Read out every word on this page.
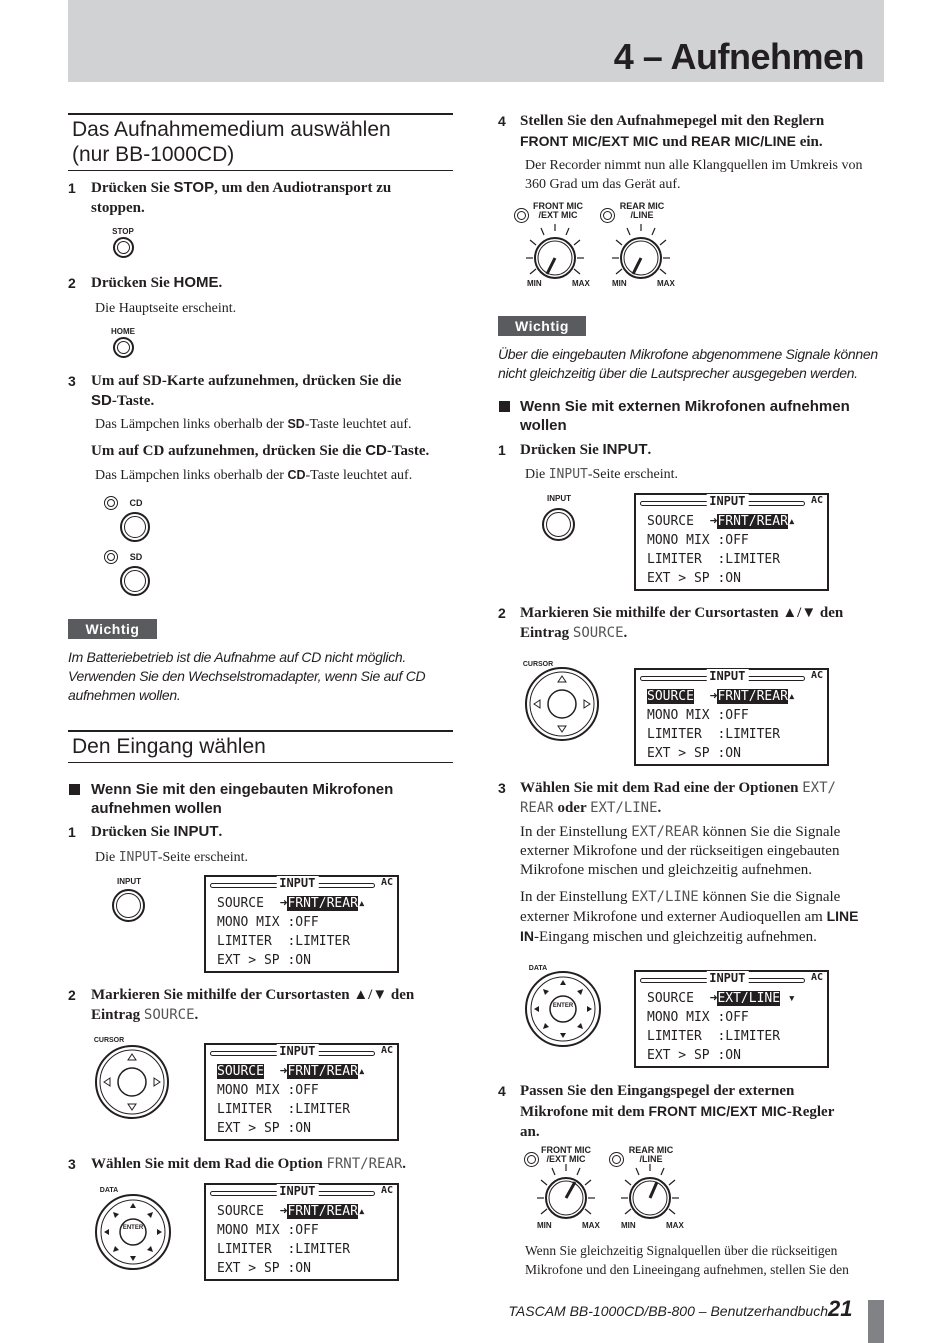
4 – Aufnehmen
Das Aufnahmemedium auswählen
(nur BB-1000CD)
1 Drücken Sie STOP, um den Audiotransport zu
stoppen.
STOP
2 Drücken Sie HOME.
Die Hauptseite erscheint.
HOME
3 Um auf SD-Karte aufzunehmen, drücken Sie die
SD-Taste.
Das Lämpchen links oberhalb der SD-Taste leuchtet auf.
Um auf CD aufzunehmen, drücken Sie die CD-Taste.
Das Lämpchen links oberhalb der CD-Taste leuchtet auf.
CD
SD
Wichtig
Im Batteriebetrieb ist die Aufnahme auf CD nicht möglich.
Verwenden Sie den Wechselstromadapter, wenn Sie auf CD
aufnehmen wollen.
Den Eingang wählen
Wenn Sie mit den eingebauten Mikrofonen
aufnehmen wollen
1 Drücken Sie INPUT.
Die INPUT-Seite erscheint.
INPUT	INPUT	AC
SOURCE  ➜FRNT/REAR▴
MONO MIX :OFF
LIMITER  :LIMITER
EXT > SP :ON
2 Markieren Sie mithilfe der Cursortasten ▲/▼ den
Eintrag SOURCE.
CURSOR
INPUT	AC
SOURCE  ➜FRNT/REAR▴
MONO MIX :OFF
LIMITER  :LIMITER
EXT > SP :ON
3 Wählen Sie mit dem Rad die Option FRNT/REAR.
DATA
ENTER
INPUT	AC
SOURCE  ➜FRNT/REAR▴
MONO MIX :OFF
LIMITER  :LIMITER
EXT > SP :ON
4 Stellen Sie den Aufnahmepegel mit den Reglern
FRONT MIC/EXT MIC und REAR MIC/LINE ein.
Der Recorder nimmt nun alle Klangquellen im Umkreis von
360 Grad um das Gerät auf.
FRONT MIC
/EXT MIC
REAR MIC
/LINE
MIN	MAX	MIN	MAX
Wichtig
Über die eingebauten Mikrofone abgenommene Signale können
nicht gleichzeitig über die Lautsprecher ausgegeben werden.
Wenn Sie mit externen Mikrofonen aufnehmen
wollen
1 Drücken Sie INPUT.
Die INPUT-Seite erscheint.
INPUT	INPUT	AC
SOURCE  ➜FRNT/REAR▴
MONO MIX :OFF
LIMITER  :LIMITER
EXT > SP :ON
2 Markieren Sie mithilfe der Cursortasten ▲/▼ den
Eintrag SOURCE.
CURSOR
INPUT	AC
SOURCE  ➜FRNT/REAR▴
MONO MIX :OFF
LIMITER  :LIMITER
EXT > SP :ON
3 Wählen Sie mit dem Rad eine der Optionen EXT/
REAR oder EXT/LINE.
In der Einstellung EXT/REAR können Sie die Signale
externer Mikrofone und der rückseitigen eingebauten
Mikrofone mischen und gleichzeitig aufnehmen.
In der Einstellung EXT/LINE können Sie die Signale
externer Mikrofone und externer Audioquellen am LINE
IN-Eingang mischen und gleichzeitig aufnehmen.
DATA
ENTER
INPUT	AC
SOURCE  ➜EXT/LINE ▾
MONO MIX :OFF
LIMITER  :LIMITER
EXT > SP :ON
4 Passen Sie den Eingangspegel der externen
Mikrofone mit dem FRONT MIC/EXT MIC-Regler
an.
FRONT MIC
/EXT MIC
REAR MIC
/LINE
MIN	MAX	MIN	MAX
Wenn Sie gleichzeitig Signalquellen über die rückseitigen
Mikrofone und den Lineeingang aufnehmen, stellen Sie den
TASCAM BB-1000CD/BB-800 – Benutzerhandbuch 21
